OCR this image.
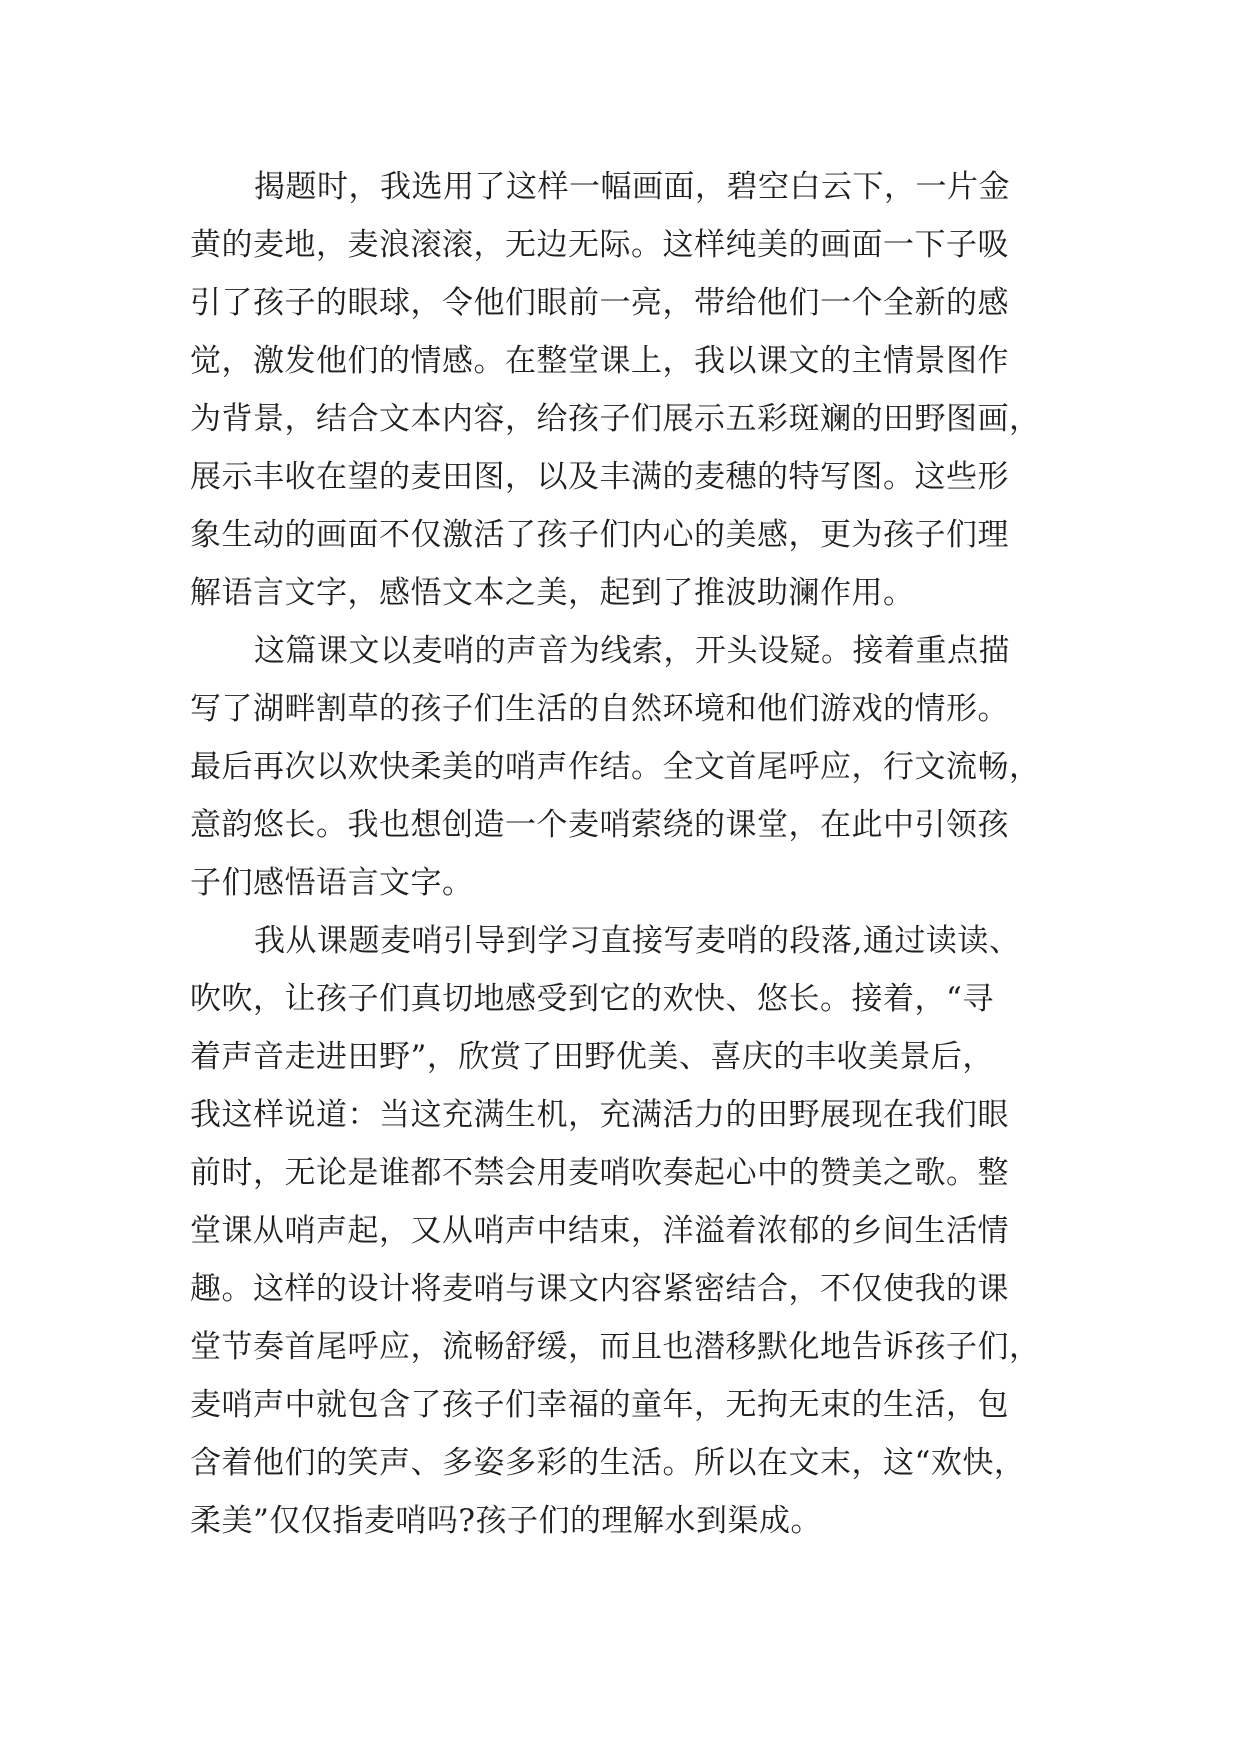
揭题时，我选用了这样一幅画面，碧空白云下，一片金
黄的麦地，麦浪滚滚，无边无际。这样纯美的画面一下子吸
引了孩子的眼球，令他们眼前一亮，带给他们一个全新的感
觉，激发他们的情感。在整堂课上，我以课文的主情景图作
为背景，结合文本内容，给孩子们展示五彩斑斓的田野图画，
展示丰收在望的麦田图，以及丰满的麦穗的特写图。这些形
象生动的画面不仅激活了孩子们内心的美感，更为孩子们理
解语言文字，感悟文本之美，起到了推波助澜作用。
这篇课文以麦哨的声音为线索，开头设疑。接着重点描
写了湖畔割草的孩子们生活的自然环境和他们游戏的情形。
最后再次以欢快柔美的哨声作结。全文首尾呼应，行文流畅，
意韵悠长。我也想创造一个麦哨萦绕的课堂，在此中引领孩
子们感悟语言文字。
我从课题麦哨引导到学习直接写麦哨的段落,通过读读、
吹吹，让孩子们真切地感受到它的欢快、悠长。接着，“寻
着声音走进田野”，欣赏了田野优美、喜庆的丰收美景后，
我这样说道：当这充满生机，充满活力的田野展现在我们眼
前时，无论是谁都不禁会用麦哨吹奏起心中的赞美之歌。整
堂课从哨声起，又从哨声中结束，洋溢着浓郁的乡间生活情
趣。这样的设计将麦哨与课文内容紧密结合，不仅使我的课
堂节奏首尾呼应，流畅舒缓，而且也潜移默化地告诉孩子们，
麦哨声中就包含了孩子们幸福的童年，无拘无束的生活，包
含着他们的笑声、多姿多彩的生活。所以在文末，这“欢快，
柔美”仅仅指麦哨吗?孩子们的理解水到渠成。
